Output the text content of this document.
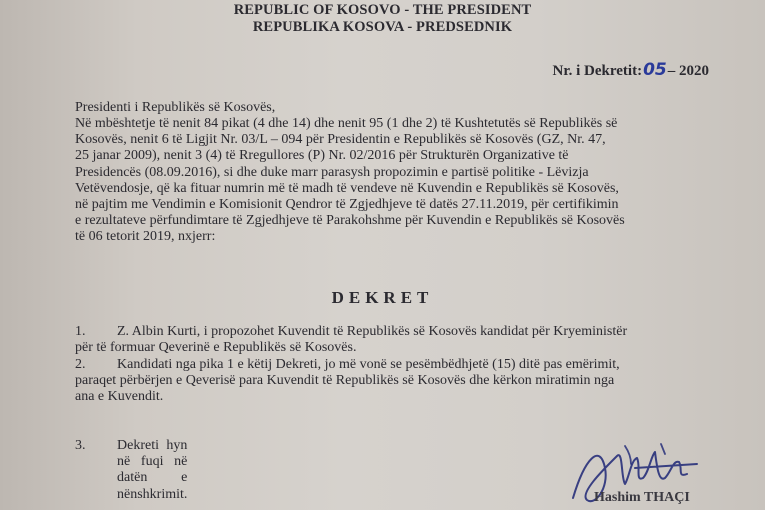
REPUBLIC OF KOSOVO - THE PRESIDENT
REPUBLIKA KOSOVA - PREDSEDNIK
Nr. i Dekretit:05– 2020
Presidenti i Republikës së Kosovës,
Në mbështetje të nenit 84 pikat (4 dhe 14) dhe nenit 95 (1 dhe 2) të Kushtetutës së Republikës së
Kosovës, nenit 6 të Ligjit Nr. 03/L – 094 për Presidentin e Republikës së Kosovës (GZ, Nr. 47,
25 janar 2009), nenit 3 (4) të Rregullores (P) Nr. 02/2016 për Strukturën Organizative të
Presidencës (08.09.2016), si dhe duke marr parasysh propozimin e partisë politike - Lëvizja
Vetëvendosje, që ka fituar numrin më të madh të vendeve në Kuvendin e Republikës së Kosovës,
në pajtim me Vendimin e Komisionit Qendror të Zgjedhjeve të datës 27.11.2019, për certifikimin
e rezultateve përfundimtare të Zgjedhjeve të Parakohshme për Kuvendin e Republikës së Kosovës
të 06 tetorit 2019, nxjerr:
DEKRET
1. Z. Albin Kurti, i propozohet Kuvendit të Republikës së Kosovës kandidat për Kryeministër
për të formuar Qeverinë e Republikës së Kosovës.
2. Kandidati nga pika 1 e këtij Dekreti, jo më vonë se pesëmbëdhjetë (15) ditë pas emërimit,
paraqet përbërjen e Qeverisë para Kuvendit të Republikës së Kosovës dhe kërkon miratimin nga
ana e Kuvendit.
3. Dekreti hyn në fuqi në datën e nënshkrimit.	Hashim THAÇI
